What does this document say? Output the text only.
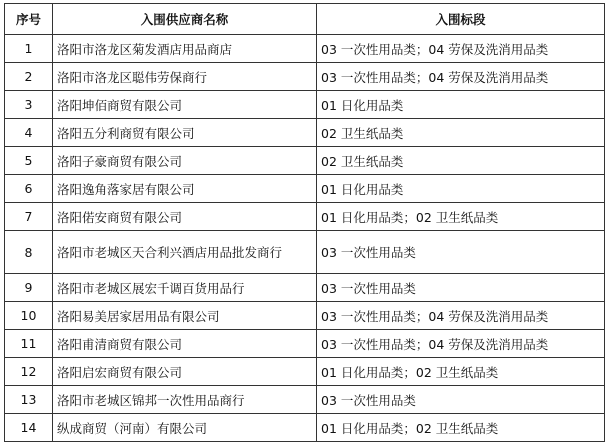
序号	入围供应商名称	入围标段
1	洛阳市洛龙区菊发酒店用品商店	03 一次性用品类；04 劳保及洗消用品类
2	洛阳市洛龙区聪伟劳保商行	03 一次性用品类；04 劳保及洗消用品类
3	洛阳坤佰商贸有限公司	01 日化用品类
4	洛阳五分利商贸有限公司	02 卫生纸品类
5	洛阳子豪商贸有限公司	02 卫生纸品类
6	洛阳逸角落家居有限公司	01 日化用品类
7	洛阳偌安商贸有限公司	01 日化用品类；02 卫生纸品类
8	洛阳市老城区天合利兴酒店用品批发商行	03 一次性用品类
9	洛阳市老城区展宏千调百货用品行	03 一次性用品类
10	洛阳易美居家居用品有限公司	03 一次性用品类；04 劳保及洗消用品类
11	洛阳甫清商贸有限公司	03 一次性用品类；04 劳保及洗消用品类
12	洛阳启宏商贸有限公司	01 日化用品类；02 卫生纸品类
13	洛阳市老城区锦邦一次性用品商行	03 一次性用品类
14	纵成商贸（河南）有限公司	01 日化用品类；02 卫生纸品类
